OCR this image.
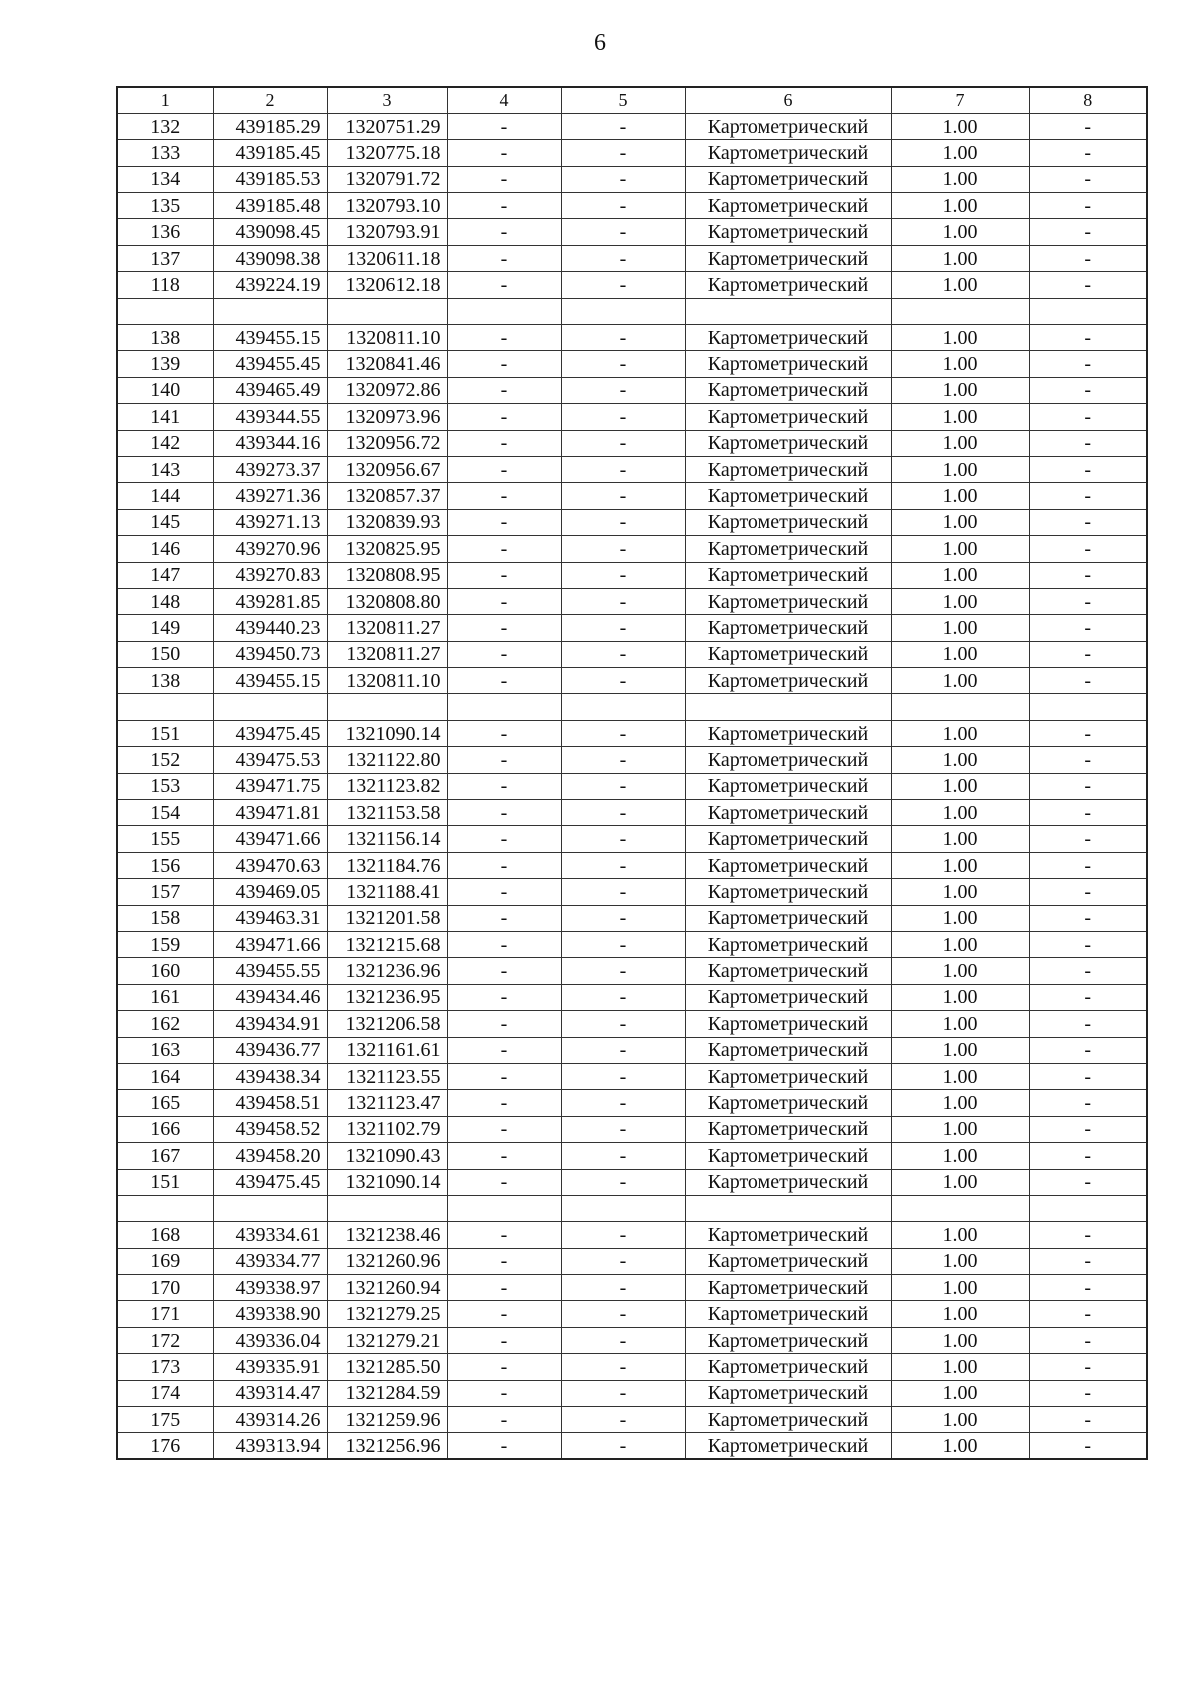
6
1	2	3	4	5	6	7	8
132	439185.29	1320751.29	-	-	Картометрический	1.00	-
133	439185.45	1320775.18	-	-	Картометрический	1.00	-
134	439185.53	1320791.72	-	-	Картометрический	1.00	-
135	439185.48	1320793.10	-	-	Картометрический	1.00	-
136	439098.45	1320793.91	-	-	Картометрический	1.00	-
137	439098.38	1320611.18	-	-	Картометрический	1.00	-
118	439224.19	1320612.18	-	-	Картометрический	1.00	-

138	439455.15	1320811.10	-	-	Картометрический	1.00	-
139	439455.45	1320841.46	-	-	Картометрический	1.00	-
140	439465.49	1320972.86	-	-	Картометрический	1.00	-
141	439344.55	1320973.96	-	-	Картометрический	1.00	-
142	439344.16	1320956.72	-	-	Картометрический	1.00	-
143	439273.37	1320956.67	-	-	Картометрический	1.00	-
144	439271.36	1320857.37	-	-	Картометрический	1.00	-
145	439271.13	1320839.93	-	-	Картометрический	1.00	-
146	439270.96	1320825.95	-	-	Картометрический	1.00	-
147	439270.83	1320808.95	-	-	Картометрический	1.00	-
148	439281.85	1320808.80	-	-	Картометрический	1.00	-
149	439440.23	1320811.27	-	-	Картометрический	1.00	-
150	439450.73	1320811.27	-	-	Картометрический	1.00	-
138	439455.15	1320811.10	-	-	Картометрический	1.00	-

151	439475.45	1321090.14	-	-	Картометрический	1.00	-
152	439475.53	1321122.80	-	-	Картометрический	1.00	-
153	439471.75	1321123.82	-	-	Картометрический	1.00	-
154	439471.81	1321153.58	-	-	Картометрический	1.00	-
155	439471.66	1321156.14	-	-	Картометрический	1.00	-
156	439470.63	1321184.76	-	-	Картометрический	1.00	-
157	439469.05	1321188.41	-	-	Картометрический	1.00	-
158	439463.31	1321201.58	-	-	Картометрический	1.00	-
159	439471.66	1321215.68	-	-	Картометрический	1.00	-
160	439455.55	1321236.96	-	-	Картометрический	1.00	-
161	439434.46	1321236.95	-	-	Картометрический	1.00	-
162	439434.91	1321206.58	-	-	Картометрический	1.00	-
163	439436.77	1321161.61	-	-	Картометрический	1.00	-
164	439438.34	1321123.55	-	-	Картометрический	1.00	-
165	439458.51	1321123.47	-	-	Картометрический	1.00	-
166	439458.52	1321102.79	-	-	Картометрический	1.00	-
167	439458.20	1321090.43	-	-	Картометрический	1.00	-
151	439475.45	1321090.14	-	-	Картометрический	1.00	-

168	439334.61	1321238.46	-	-	Картометрический	1.00	-
169	439334.77	1321260.96	-	-	Картометрический	1.00	-
170	439338.97	1321260.94	-	-	Картометрический	1.00	-
171	439338.90	1321279.25	-	-	Картометрический	1.00	-
172	439336.04	1321279.21	-	-	Картометрический	1.00	-
173	439335.91	1321285.50	-	-	Картометрический	1.00	-
174	439314.47	1321284.59	-	-	Картометрический	1.00	-
175	439314.26	1321259.96	-	-	Картометрический	1.00	-
176	439313.94	1321256.96	-	-	Картометрический	1.00	-
